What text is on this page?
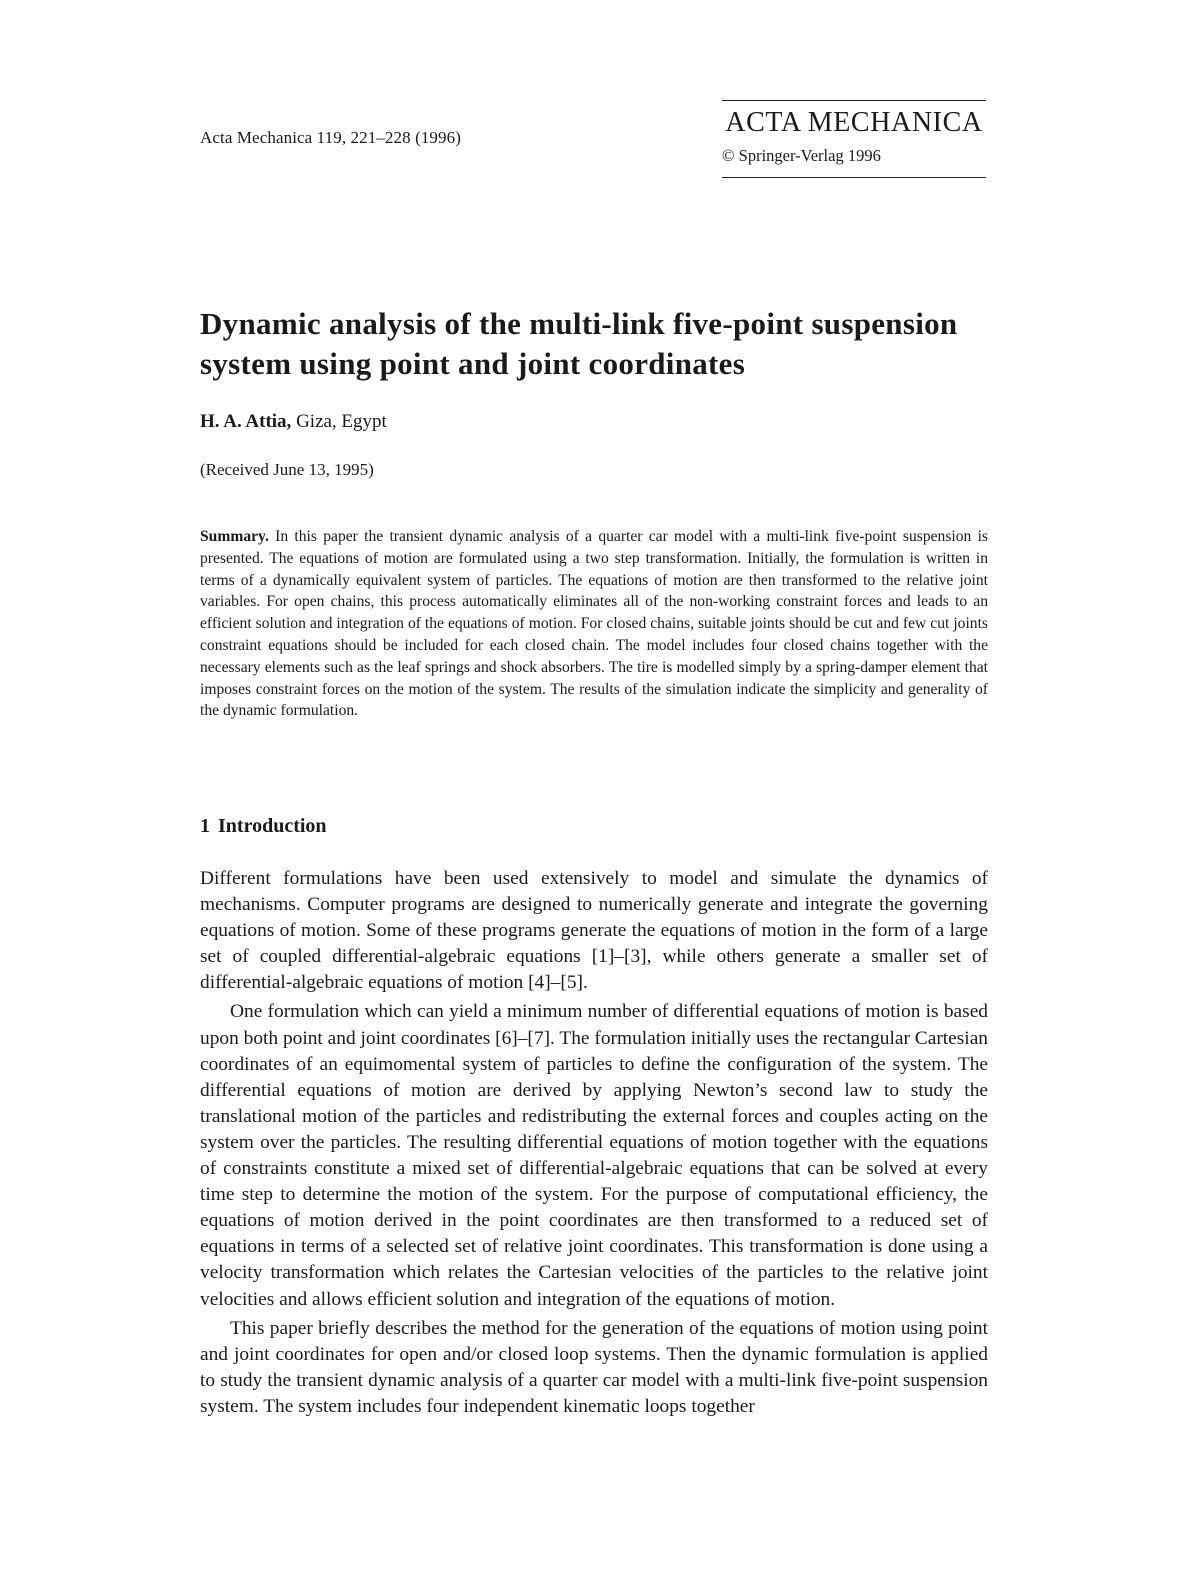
Acta Mechanica 119, 221–228 (1996)	ACTA MECHANICA
© Springer-Verlag 1996
Dynamic analysis of the multi-link five-point suspension system using point and joint coordinates
H. A. Attia, Giza, Egypt
(Received June 13, 1995)

Summary. In this paper the transient dynamic analysis of a quarter car model with a multi-link five-point suspension is presented. The equations of motion are formulated using a two step transformation. Initially, the formulation is written in terms of a dynamically equivalent system of particles. The equations of motion are then transformed to the relative joint variables. For open chains, this process automatically eliminates all of the non-working constraint forces and leads to an efficient solution and integration of the equations of motion. For closed chains, suitable joints should be cut and few cut joints constraint equations should be included for each closed chain. The model includes four closed chains together with the necessary elements such as the leaf springs and shock absorbers. The tire is modelled simply by a spring-damper element that imposes constraint forces on the motion of the system. The results of the simulation indicate the simplicity and generality of the dynamic formulation.

1 Introduction

Different formulations have been used extensively to model and simulate the dynamics of mechanisms. Computer programs are designed to numerically generate and integrate the governing equations of motion. Some of these programs generate the equations of motion in the form of a large set of coupled differential-algebraic equations [1]–[3], while others generate a smaller set of differential-algebraic equations of motion [4]–[5].

One formulation which can yield a minimum number of differential equations of motion is based upon both point and joint coordinates [6]–[7]. The formulation initially uses the rectangular Cartesian coordinates of an equimomental system of particles to define the configuration of the system. The differential equations of motion are derived by applying Newton’s second law to study the translational motion of the particles and redistributing the external forces and couples acting on the system over the particles. The resulting differential equations of motion together with the equations of constraints constitute a mixed set of differential-algebraic equations that can be solved at every time step to determine the motion of the system. For the purpose of computational efficiency, the equations of motion derived in the point coordinates are then transformed to a reduced set of equations in terms of a selected set of relative joint coordinates. This transformation is done using a velocity transformation which relates the Cartesian velocities of the particles to the relative joint velocities and allows efficient solution and integration of the equations of motion.

This paper briefly describes the method for the generation of the equations of motion using point and joint coordinates for open and/or closed loop systems. Then the dynamic formulation is applied to study the transient dynamic analysis of a quarter car model with a multi-link five-point suspension system. The system includes four independent kinematic loops together
